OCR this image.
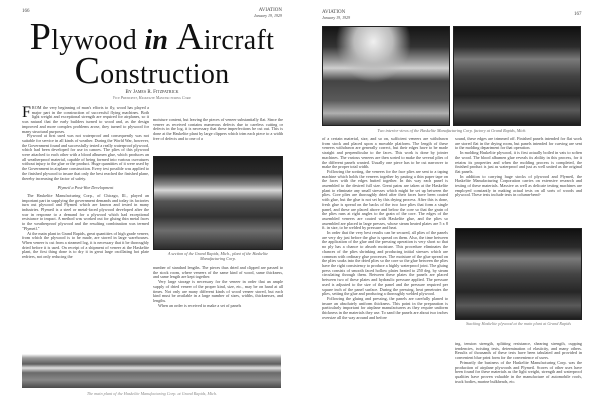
166	AVIATION
January 19, 1929
Plywood in Aircraft
Construction
By James R. Fitzpatrick
Vice President, Haskelite Manufacturing Corp.

FROM the very beginning of man's efforts to fly, wood has played a major part in the construction of successful flying machines. Both light weight and exceptional strength are required for airplanes, so it was natural that the early builders turned to wood and, as the design improved and more complex problems arose, they turned to plywood for many structural purposes.

Plywood at first used was not waterproof and consequently was not suitable for service in all kinds of weather. During the World War, however, the Government found and successfully tested a really waterproof plywood, which had been developed for use in canoes. The plies of this plywood were attached to each other with a blood albumen glue, which produces an all weatherproof material, capable of being formed into various curvatures without injury to the glue or the product. Huge quantities of it were used by the Government in airplane construction. Every test possible was applied to the finished plywood to insure that only the best reached the finished plane, thereby increasing the factor of safety.

Plymetl a Post-War Development

The Haskelite Manufacturing Corp., of Chicago, Ill., played an important part in supplying the government demands and today its factories turn out plywood and Plymetl which are known and tested in many industries. Plymetl is a steel or metal-faced plywood developed after the war in response to a demand for a plywood which had exceptional resistance to impact. A method was worked out for gluing thin metal faces to the weatherproof plywood and the resulting combination was termed "Plymetl."

At the main plant in Grand Rapids, great quantities of high grade veneer, from which the plywood is to be made, are stored in large warehouses. When veneer is cut from a steamed log, it is necessary that it be thoroughly dried before it is used. On receipt of a shipment of veneer at the Haskelite plant, the first thing done is to dry it in great large oscillating hot plate redriers, not only reducing the

moisture content, but leaving the pieces of veneer substantially flat. Since the veneer as received contains numerous defects due to careless cutting or defects in the log, it is necessary that these imperfections be cut out. This is done at the Haskelite plant by large clippers which trim each piece to a width free of defects and to one of a

A section of the Grand Rapids, Mich., plant of the Haskelite Manufacturing Corp.

number of standard lengths. The pieces thus dried and clipped are passed to the stock room, where veneers of the same kind of wood, same thickness, and same length are kept together.

Very large storage is necessary for the veneer in order that an ample supply of dried veneer of the proper kind, size, etc., may be on hand at all times. Not only are many different kinds of wood veneer stored, but each kind must be available in a large number of sizes, widths, thicknesses, and lengths.

When an order is received to make a set of panels

The main plant of the Haskelite Manufacturing Corp. at Grand Rapids, Mich.
AVIATION
January 19, 1929
167
Two interior views of the Haskelite Manufacturing Corp. factory at Grand Rapids, Mich.

of a certain material, size, and so on, sufficient veneers are withdrawn from stock and placed upon a movable platform. The length of these veneers withdrawn are generally correct, but their edges have to be made straight and perpendicular to the faces. This work is done by jointer machines. The various veneers are then sorted to make the several plies of the different panels wanted. Usually one piece has to be cut narrower to make the proper total width.

Following the sorting, the veneers for the face plies are sent to a taping machine which holds the veneers together by pasting a thin paper tape on the faces with the edges butted together. In this way each panel is assembled to the desired full size. Great pains are taken at the Haskelite plant to eliminate any small stresses which might be set up between the plies. Core plies are thoroughly dried after their faces have been coated with glue, but the glue is not set by this drying process. After this is done, fresh glue is spread on the backs of the two face plies that form a single panel, and these are placed above and below the core so that the grain of the plies runs at right angles to the grain of the core. The edges of the assembled veneers are coated with Haskelite glue, and the plies so assembled are placed in large presses, whose steam heated plates are 5 x 8 ft. in size, to be welded by pressure and heat.

In order that the very best results can be secured, all plies of the panels are very dry just before the glue is spread on them. Also, the time between the application of the glue and the pressing operation is very short so that no ply has a chance to absorb moisture. This procedure eliminates the chances of the plies shrinking and producing initial stresses which are common with ordinary glue processes. The moisture of the glue spread on the plies soaks into the dried plies so the core so the glue between the plies have the right consistency to produce a highly waterproof joint. The gluing press consists of smooth faced hollow plates heated to 250 deg. by steam circulating through them. Between these plates the panels are placed between two of these plates and hydraulic pressure applied. The pressure used is adjusted to the size of the panel and the pressure required per square inch of the panel surface. During the pressing, heat penetrates the plies, setting the glue and producing a thoroughly welded plywood.

Following the gluing and pressing, the panels are carefully planed to insure an absolutely uniform thickness. This point in the preparation is particularly important for airplane manufacturers as they require uniform thickness in the materials they use. To sand the panels are about two inches oversize all the way around and before

sound, these edges are trimmed off. Finished panels intended for flat work are stored flat in the drying room, but panels intended for curving are sent to the molding department for that operation.

In molding Haskelite plywood, it is first actually boiled in vats to soften the wood. The blood albumen glue reveals its ability in this process, for it retains its properties and when the molding process is completed, the finished product is just as waterproof and just as well united as the original flat panels.

In addition to carrying huge stocks of plywood and Plymetl, the Haskelite Manufacturing Corporation carries on extensive research and testing of these materials. Massive as well as delicate testing machines are employed constantly in making actual tests on all sorts of woods and plywood. These tests include tests in column-bend-

Stacking Haskelite plywood at the main plant at Grand Rapids

ing, tension strength, splitting resistance, shearing strength, cupping tendencies, twisting tests, determination of elasticity, and many others. Results of thousands of these tests have been tabulated and provided in convenient blue print form for the convenience of users.

Primarily the business of the Haskelite Manufacturing Corp. was the production of airplane plywoods and Plymetl. Scores of other uses have been found for these materials as the light weight, strength and waterproof qualities have proven valuable in the manufacture of automobile roofs, truck bodies, marine bulkheads, etc.
